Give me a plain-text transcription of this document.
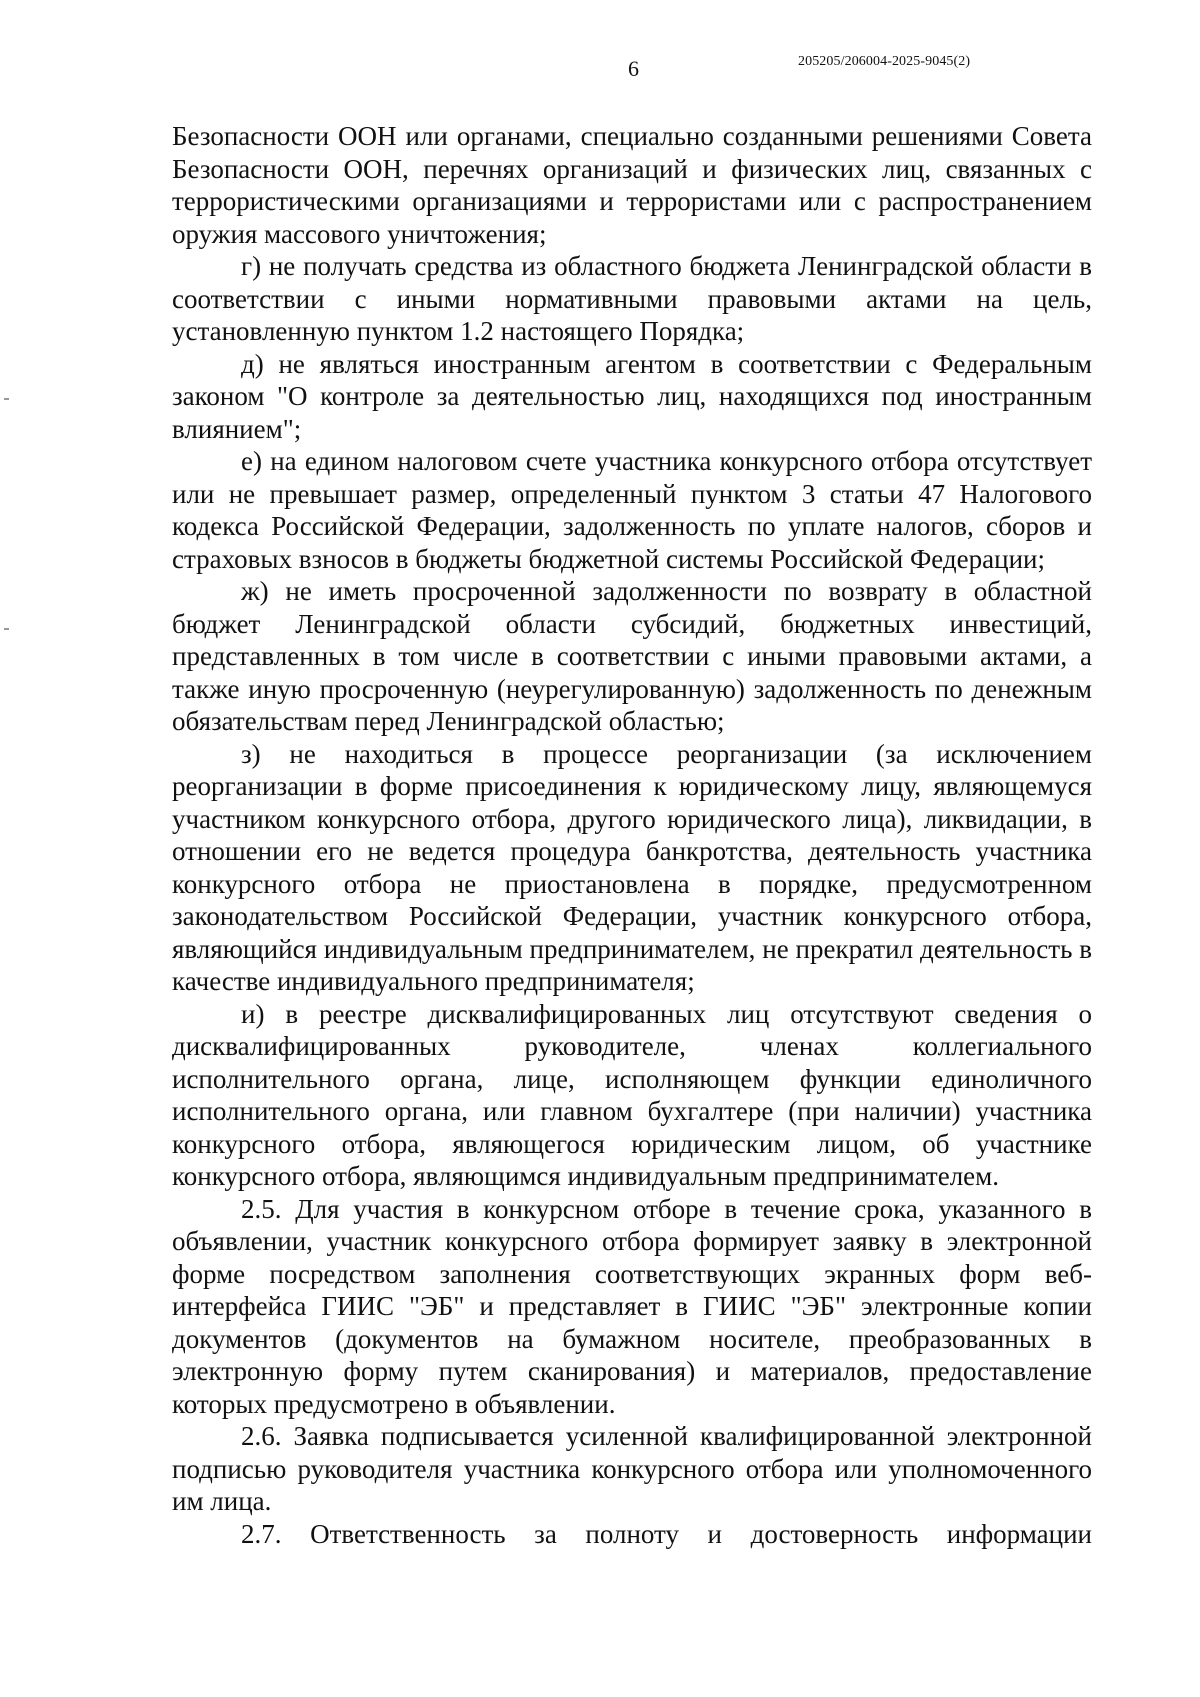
6	205205/206004-2025-9045(2)

Безопасности ООН или органами, специально созданными решениями Совета Безопасности ООН, перечнях организаций и физических лиц, связанных с террористическими организациями и террористами или с распространением оружия массового уничтожения;

г) не получать средства из областного бюджета Ленинградской области в соответствии с иными нормативными правовыми актами на цель, установленную пунктом 1.2 настоящего Порядка;

д) не являться иностранным агентом в соответствии с Федеральным законом "О контроле за деятельностью лиц, находящихся под иностранным влиянием";

е) на едином налоговом счете участника конкурсного отбора отсутствует или не превышает размер, определенный пунктом 3 статьи 47 Налогового кодекса Российской Федерации, задолженность по уплате налогов, сборов и страховых взносов в бюджеты бюджетной системы Российской Федерации;

ж) не иметь просроченной задолженности по возврату в областной бюджет Ленинградской области субсидий, бюджетных инвестиций, представленных в том числе в соответствии с иными правовыми актами, а также иную просроченную (неурегулированную) задолженность по денежным обязательствам перед Ленинградской областью;

з) не находиться в процессе реорганизации (за исключением реорганизации в форме присоединения к юридическому лицу, являющемуся участником конкурсного отбора, другого юридического лица), ликвидации, в отношении его не ведется процедура банкротства, деятельность участника конкурсного отбора не приостановлена в порядке, предусмотренном законодательством Российской Федерации, участник конкурсного отбора, являющийся индивидуальным предпринимателем, не прекратил деятельность в качестве индивидуального предпринимателя;

и) в реестре дисквалифицированных лиц отсутствуют сведения о дисквалифицированных руководителе, членах коллегиального исполнительного органа, лице, исполняющем функции единоличного исполнительного органа, или главном бухгалтере (при наличии) участника конкурсного отбора, являющегося юридическим лицом, об участнике конкурсного отбора, являющимся индивидуальным предпринимателем.

2.5. Для участия в конкурсном отборе в течение срока, указанного в объявлении, участник конкурсного отбора формирует заявку в электронной форме посредством заполнения соответствующих экранных форм веб-интерфейса ГИИС "ЭБ" и представляет в ГИИС "ЭБ" электронные копии документов (документов на бумажном носителе, преобразованных в электронную форму путем сканирования) и материалов, предоставление которых предусмотрено в объявлении.

2.6. Заявка подписывается усиленной квалифицированной электронной подписью руководителя участника конкурсного отбора или уполномоченного им лица.

2.7. Ответственность за полноту и достоверность информации
